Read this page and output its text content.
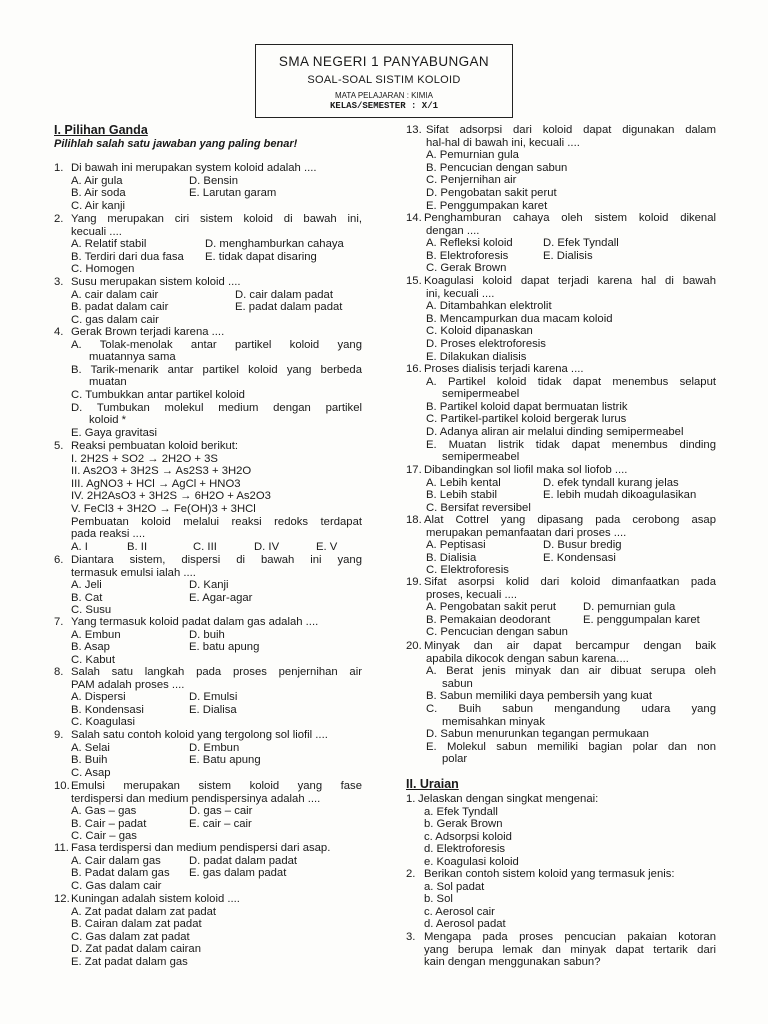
SMA NEGERI 1 PANYABUNGAN
SOAL-SOAL SISTIM KOLOID
MATA PELAJARAN : KIMIA
KELAS/SEMESTER : X/1
I. Pilihan Ganda
Pilihlah salah satu jawaban yang paling benar!
1. Di bawah ini merupakan system koloid adalah ....
A. Air gula	D. Bensin
B. Air soda	E. Larutan garam
C. Air kanji
2. Yang merupakan ciri sistem koloid di bawah ini,
kecuali ....
A. Relatif stabil	D. menghamburkan cahaya
B. Terdiri dari dua fasa E. tidak dapat disaring
C. Homogen
3. Susu merupakan sistem koloid ....
A. cair dalam cair	D. cair dalam padat
B. padat dalam cair	E. padat dalam padat
C. gas dalam cair
4. Gerak Brown terjadi karena ....
A. Tolak-menolak antar partikel koloid yang
muatannya sama
B. Tarik-menarik antar partikel koloid yang berbeda
muatan
C. Tumbukkan antar partikel koloid
D. Tumbukan molekul medium dengan partikel
koloid *
E. Gaya gravitasi
5. Reaksi pembuatan koloid berikut:
I. 2H2S + SO2 → 2H2O + 3S
II. As2O3 + 3H2S → As2S3 + 3H2O
III. AgNO3 + HCl → AgCl + HNO3
IV. 2H2AsO3 + 3H2S → 6H2O + As2O3
V. FeCl3 + 3H2O → Fe(OH)3 + 3HCl
Pembuatan koloid melalui reaksi redoks terdapat
pada reaksi ....
A. I	B. II	C. III	D. IV	E. V
6. Diantara sistem, dispersi di bawah ini yang
termasuk emulsi ialah ....
A. Jeli	D. Kanji
B. Cat	E. Agar-agar
C. Susu
7. Yang termasuk koloid padat dalam gas adalah ....
A. Embun	D. buih
B. Asap	E. batu apung
C. Kabut
8. Salah satu langkah pada proses penjernihan air
PAM adalah proses ....
A. Dispersi	D. Emulsi
B. Kondensasi	E. Dialisa
C. Koagulasi
9. Salah satu contoh koloid yang tergolong sol liofil ....
A. Selai	D. Embun
B. Buih	E. Batu apung
C. Asap
10. Emulsi merupakan sistem koloid yang fase
terdispersi dan medium pendispersinya adalah ....
A. Gas – gas	D. gas – cair
B. Cair – padat	E. cair – cair
C. Cair – gas
11. Fasa terdispersi dan medium pendispersi dari asap.
A. Cair dalam gas D. padat dalam padat
B. Padat dalam gas E. gas dalam padat
C. Gas dalam cair
12. Kuningan adalah sistem koloid ....
A. Zat padat dalam zat padat
B. Cairan dalam zat padat
C. Gas dalam zat padat
D. Zat padat dalam cairan
E. Zat padat dalam gas
13. Sifat adsorpsi dari koloid dapat digunakan dalam
hal-hal di bawah ini, kecuali ....
A. Pemurnian gula
B. Pencucian dengan sabun
C. Penjernihan air
D. Pengobatan sakit perut
E. Penggumpakan karet
14. Penghamburan cahaya oleh sistem koloid dikenal
dengan ....
A. Refleksi koloid	D. Efek Tyndall
B. Elektroforesis	E. Dialisis
C. Gerak Brown
15. Koagulasi koloid dapat terjadi karena hal di bawah
ini, kecuali ....
A. Ditambahkan elektrolit
B. Mencampurkan dua macam koloid
C. Koloid dipanaskan
D. Proses elektroforesis
E. Dilakukan dialisis
16. Proses dialisis terjadi karena ....
A. Partikel koloid tidak dapat menembus selaput
semipermeabel
B. Partikel koloid dapat bermuatan listrik
C. Partikel-partikel koloid bergerak lurus
D. Adanya aliran air melalui dinding semipermeabel
E. Muatan listrik tidak dapat menembus dinding
semipermeabel
17. Dibandingkan sol liofil maka sol liofob ....
A. Lebih kental	D. efek tyndall kurang jelas
B. Lebih stabil	E. lebih mudah dikoagulasikan
C. Bersifat reversibel
18. Alat Cottrel yang dipasang pada cerobong asap
merupakan pemanfaatan dari proses ....
A. Peptisasi	D. Busur bredig
B. Dialisia	E. Kondensasi
C. Elektroforesis
19. Sifat asorpsi kolid dari koloid dimanfaatkan pada
proses, kecuali ....
A. Pengobatan sakit perut D. pemurnian gula
B. Pemakaian deodorant	E. penggumpalan karet
C. Pencucian dengan sabun
20. Minyak dan air dapat bercampur dengan baik
apabila dikocok dengan sabun karena....
A. Berat jenis minyak dan air dibuat serupa oleh
sabun
B. Sabun memiliki daya pembersih yang kuat
C. Buih sabun mengandung udara yang
memisahkan minyak
D. Sabun menurunkan tegangan permukaan
E. Molekul sabun memiliki bagian polar dan non
polar
II. Uraian
1. Jelaskan dengan singkat mengenai:
a. Efek Tyndall
b. Gerak Brown
c. Adsorpsi koloid
d. Elektroforesis
e. Koagulasi koloid
2. Berikan contoh sistem koloid yang termasuk jenis:
a. Sol padat
b. Sol
c. Aerosol cair
d. Aerosol padat
3. Mengapa pada proses pencucian pakaian kotoran
yang berupa lemak dan minyak dapat tertarik dari
kain dengan menggunakan sabun?
